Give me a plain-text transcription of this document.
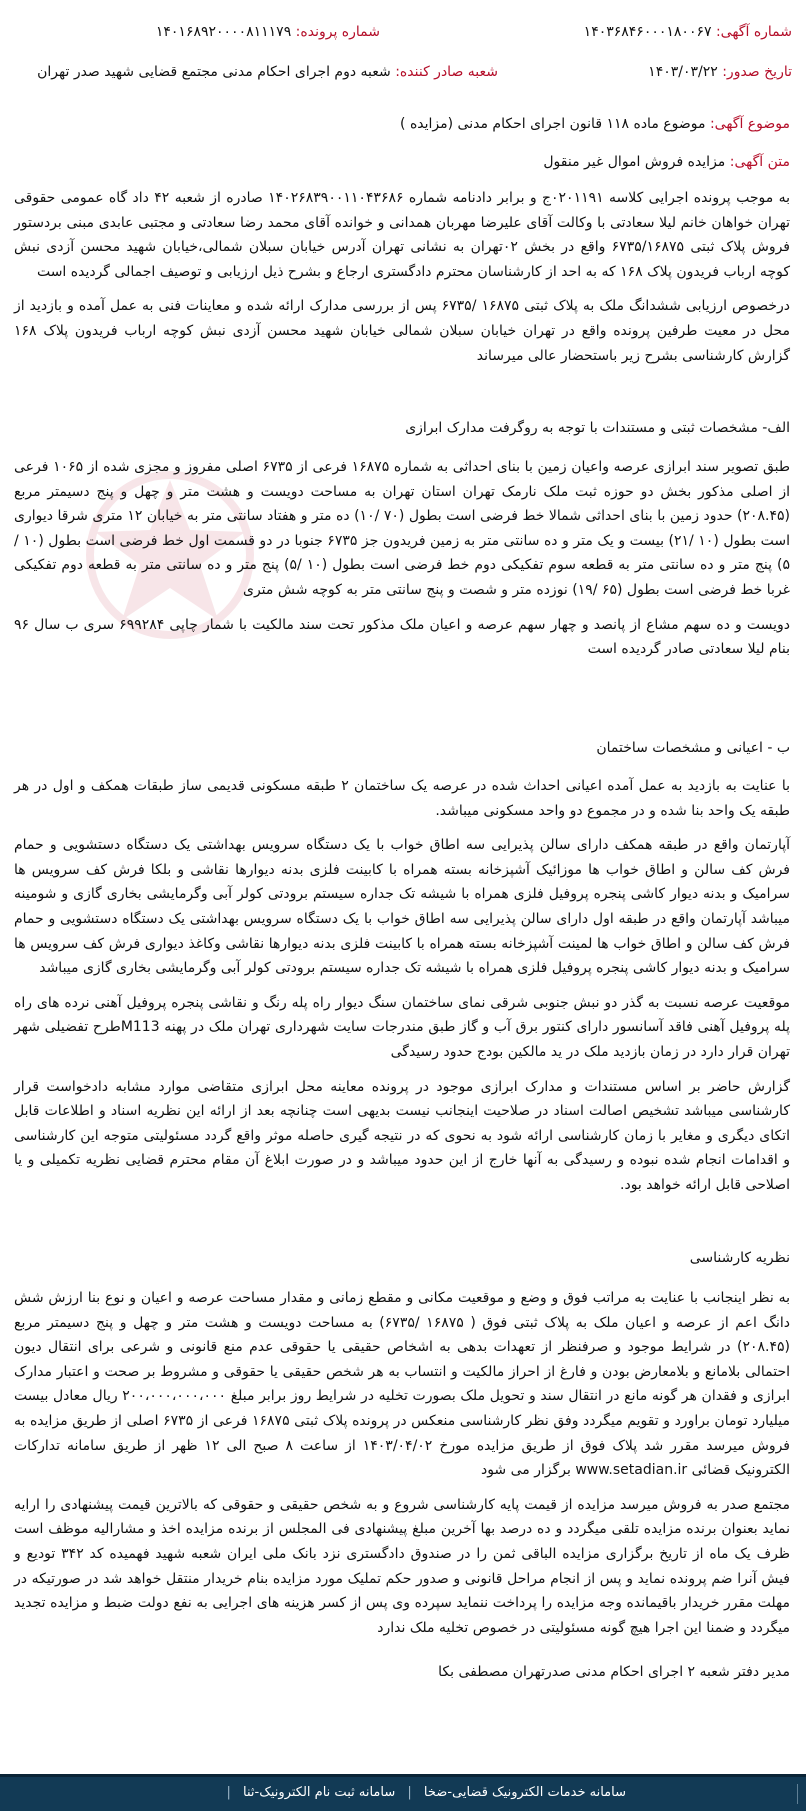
شماره آگهی: ۱۴۰۳۶۸۴۶۰۰۰۱۸۰۰۶۷
شماره پرونده: ۱۴۰۱۶۸۹۲۰۰۰۰۸۱۱۱۷۹
تاریخ صدور: ۱۴۰۳/۰۳/۲۲
شعبه صادر کننده: شعبه دوم اجرای احکام مدنی مجتمع قضایی شهید صدر تهران
موضوع آگهی: موضوع ماده ۱۱۸ قانون اجرای احکام مدنی (مزایده )
متن آگهی: مزایده فروش اموال غیر منقول

به موجب پرونده اجرایی کلاسه ۰۲۰۱۱۹۱ج و برابر دادنامه شماره ۱۴۰۲۶۸۳۹۰۰۱۱۰۴۳۶۸۶ صادره از شعبه ۴۲ داد گاه عمومی حقوقی تهران خواهان خانم لیلا سعادتی با وکالت آقای علیرضا مهربان همدانی و خوانده آقای محمد رضا سعادتی و مجتبی عابدی مبنی بردستور فروش پلاک ثبتی ۶۷۳۵/۱۶۸۷۵ واقع در بخش ۰۲تهران به نشانی تهران آدرس خیابان سبلان شمالی،خیابان شهید محسن آزدی نبش کوچه ارباب فریدون پلاک ۱۶۸ که به احد از کارشناسان محترم دادگستری ارجاع و بشرح ذیل ارزیابی و توصیف اجمالی گردیده است

درخصوص ارزیابی ششدانگ ملک به پلاک ثبتی ۱۶۸۷۵ /۶۷۳۵ پس از بررسی مدارک ارائه شده و معاینات فنی به عمل آمده و بازدید از محل در معیت طرفین پرونده واقع در تهران خیابان سبلان شمالی خیابان شهید محسن آزدی نبش کوچه ارباب فریدون پلاک ۱۶۸ گزارش کارشناسی بشرح زیر باستحضار عالی میرساند

الف- مشخصات ثبتی و مستندات با توجه به روگرفت مدارک ابرازی

طبق تصویر سند ابرازی عرصه واعیان زمین با بنای احداثی به شماره ۱۶۸۷۵ فرعی از ۶۷۳۵ اصلی مفروز و مجزی شده از ۱۰۶۵ فرعی از اصلی مذکور بخش دو حوزه ثبت ملک نارمک تهران استان تهران به مساحت دویست و هشت متر و چهل و پنج دسیمتر مربع (۲۰۸.۴۵) حدود زمین با بنای احداثی شمالا خط فرضی است بطول (۷۰ /۱۰) ده متر و هفتاد سانتی متر به خیابان ۱۲ متری شرقا دیواری است بطول (۱۰ /۲۱) بیست و یک متر و ده سانتی متر به زمین فریدون جز ۶۷۳۵ جنوبا در دو قسمت اول خط فرضی است بطول (۱۰ /۵) پنج متر و ده سانتی متر به قطعه سوم تفکیکی دوم خط فرضی است بطول (۱۰ /۵) پنج متر و ده سانتی متر به قطعه دوم تفکیکی غربا خط فرضی است بطول (۶۵ /۱۹) نوزده متر و شصت و پنج سانتی متر به کوچه شش متری

دویست و ده سهم مشاع از پانصد و چهار سهم عرصه و اعیان ملک مذکور تحت سند مالکیت با شمار چاپی ۶۹۹۲۸۴ سری ب سال ۹۶ بنام لیلا سعادتی صادر گردیده است

ب - اعیانی و مشخصات ساختمان

با عنایت به بازدید به عمل آمده اعیانی احداث شده در عرصه یک ساختمان ۲ طبقه مسکونی قدیمی ساز طبقات همکف و اول در هر طبقه یک واحد بنا شده و در مجموع دو واحد مسکونی میباشد.

آپارتمان واقع در طبقه همکف دارای سالن پذیرایی سه اطاق خواب با یک دستگاه سرویس بهداشتی یک دستگاه دستشویی و حمام فرش کف سالن و اطاق خواب ها موزائیک آشپزخانه بسته همراه با کابینت فلزی بدنه دیوارها نقاشی و بلکا فرش کف سرویس ها سرامیک و بدنه دیوار کاشی پنجره پروفیل فلزی همراه با شیشه تک جداره سیستم برودتی کولر آبی وگرمایشی بخاری گازی و شومینه میباشد آپارتمان واقع در طبقه اول دارای سالن پذیرایی سه اطاق خواب با یک دستگاه سرویس بهداشتی یک دستگاه دستشویی و حمام فرش کف سالن و اطاق خواب ها لمینت آشپزخانه بسته همراه با کابینت فلزی بدنه دیوارها نقاشی وکاغذ دیواری فرش کف سرویس ها سرامیک و بدنه دیوار کاشی پنجره پروفیل فلزی همراه با شیشه تک جداره سیستم برودتی کولر آبی وگرمایشی بخاری گازی میباشد

موقعیت عرصه نسبت به گذر دو نبش جنوبی شرقی نمای ساختمان سنگ دیوار راه پله رنگ و نقاشی پنجره پروفیل آهنی نرده های راه پله پروفیل آهنی فاقد آسانسور دارای کنتور برق آب و گاز طبق مندرجات سایت شهرداری تهران ملک در پهنه M113طرح تفضیلی شهر تهران قرار دارد در زمان بازدید ملک در ید مالکین بودج حدود رسیدگی

گزارش حاضر بر اساس مستندات و مدارک ابرازی موجود در پرونده معاینه محل ابرازی متقاضی موارد مشابه دادخواست قرار کارشناسی میباشد تشخیص اصالت اسناد در صلاحیت اینجانب نیست بدیهی است چنانچه بعد از ارائه این نظریه اسناد و اطلاعات قابل اتکای دیگری و مغایر با زمان کارشناسی ارائه شود به نحوی که در نتیجه گیری حاصله موثر واقع گردد مسئولیتی متوجه این کارشناسی و اقدامات انجام شده نبوده و رسیدگی به آنها خارج از این حدود میباشد و در صورت ابلاغ آن مقام محترم قضایی نظریه تکمیلی و یا اصلاحی قابل ارائه خواهد بود.

نظریه کارشناسی

به نظر اینجانب با عنایت به مراتب فوق و وضع و موقعیت مکانی و مقطع زمانی و مقدار مساحت عرصه و اعیان و نوع بنا ارزش شش دانگ اعم از عرصه و اعیان ملک به پلاک ثبتی فوق ( ۱۶۸۷۵ /۶۷۳۵) به مساحت دویست و هشت متر و چهل و پنج دسیمتر مربع (۲۰۸.۴۵) در شرایط موجود و صرفنظر از تعهدات بدهی به اشخاص حقیقی یا حقوقی عدم منع قانونی و شرعی برای انتقال دیون احتمالی بلامانع و بلامعارض بودن و فارغ از احراز مالکیت و انتساب به هر شخص حقیقی یا حقوقی و مشروط بر صحت و اعتبار مدارک ابرازی و فقدان هر گونه مانع در انتقال سند و تحویل ملک بصورت تخلیه در شرایط روز برابر مبلغ ۲۰۰،۰۰۰،۰۰۰،۰۰۰ ریال معادل بیست میلیارد تومان براورد و تقویم میگردد وفق نظر کارشناسی منعکس در پرونده پلاک ثبتی ۱۶۸۷۵ فرعی از ۶۷۳۵ اصلی از طریق مزایده به فروش میرسد مقرر شد پلاک فوق از طریق مزایده مورخ ۱۴۰۳/۰۴/۰۲ از ساعت ۸ صبح الی ۱۲ ظهر از طریق سامانه تدارکات الکترونیک قضائی www.setadian.ir برگزار می شود

مجتمع صدر به فروش میرسد مزایده از قیمت پایه کارشناسی شروع و به شخص حقیقی و حقوقی که بالاترین قیمت پیشنهادی را ارایه نماید بعنوان برنده مزایده تلقی میگردد و ده درصد بها آخرین مبلغ پیشنهادی فی المجلس از برنده مزایده اخذ و مشارالیه موظف است ظرف یک ماه از تاریخ برگزاری مزایده الباقی ثمن را در صندوق دادگستری نزد بانک ملی ایران شعبه شهید فهمیده کد ۳۴۲ تودیع و فیش آنرا ضم پرونده نماید و پس از انجام مراحل قانونی و صدور حکم تملیک مورد مزایده بنام خریدار منتقل خواهد شد در صورتیکه در مهلت مقرر خریدار باقیمانده وجه مزایده را پرداخت ننماید سپرده وی پس از کسر هزینه های اجرایی به نفع دولت ضبط و مزایده تجدید میگردد و ضمنا این اجرا هیچ گونه مسئولیتی در خصوص تخلیه ملک ندارد

مدیر دفتر شعبه ۲ اجرای احکام مدنی صدرتهران مصطفی بکا
سامانه خدمات الکترونیک قضایی-ضخا | سامانه ثبت نام الکترونیک-ثنا |
